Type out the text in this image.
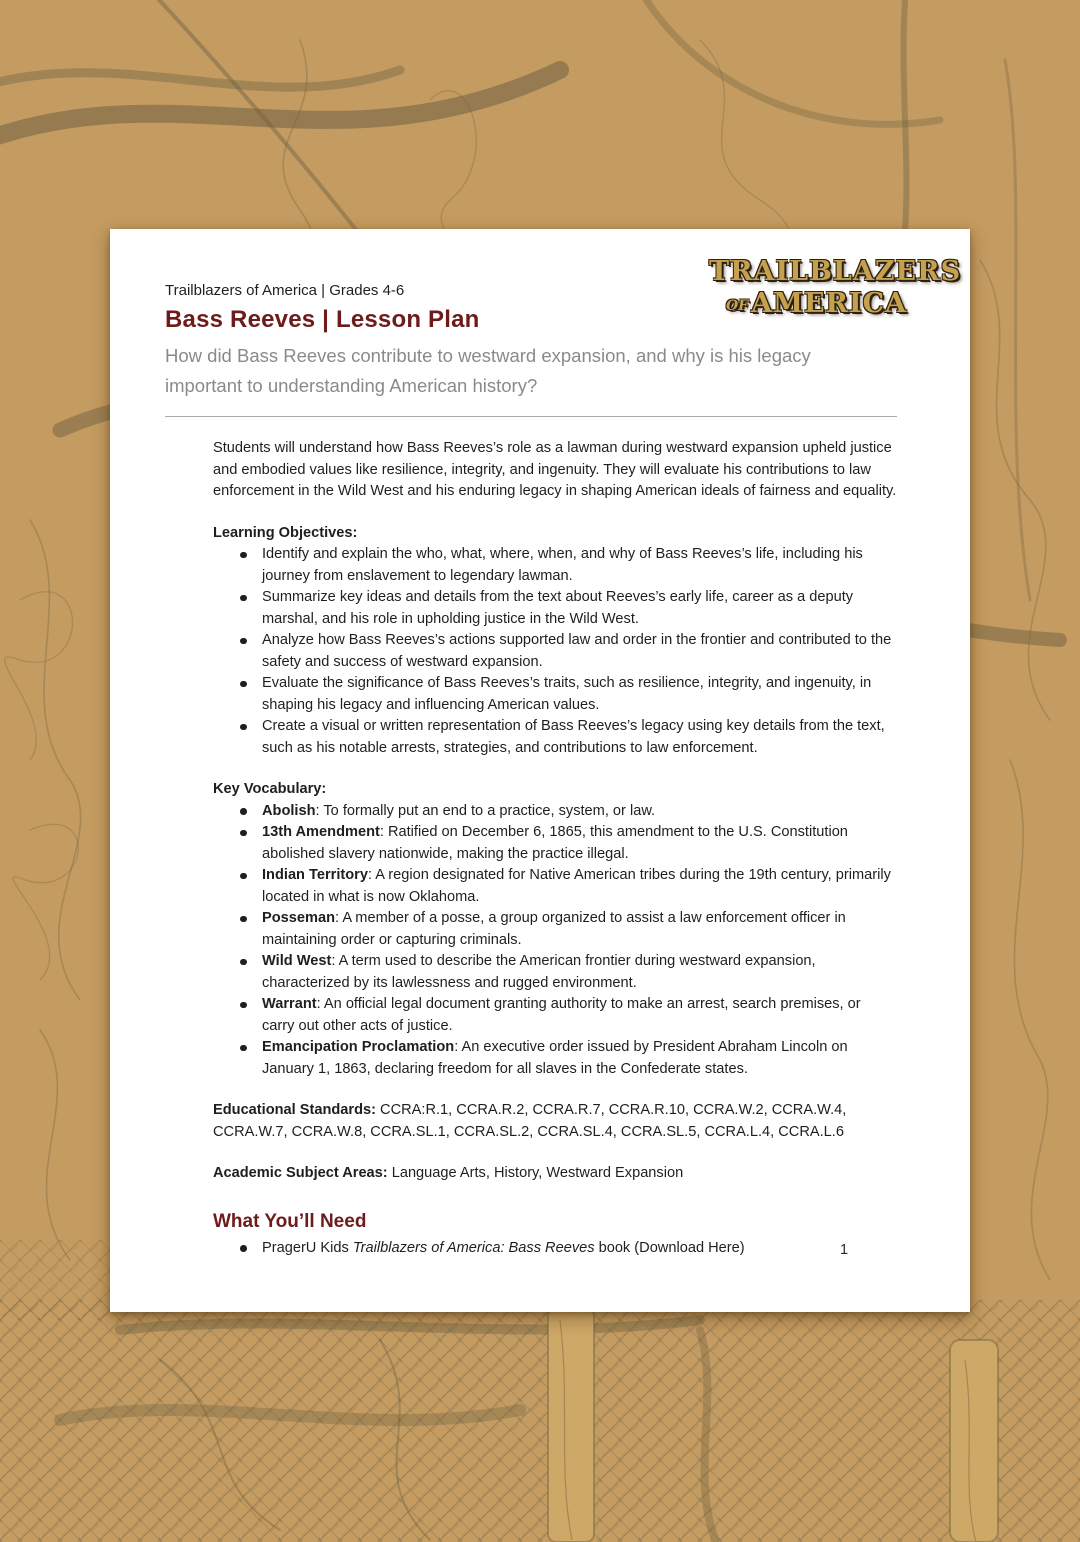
Trailblazers of America | Grades 4-6
Bass Reeves | Lesson Plan

How did Bass Reeves contribute to westward expansion, and why is his legacy important to understanding American history?

TRAILBLAZERS
OF AMERICA

Students will understand how Bass Reeves’s role as a lawman during westward expansion upheld justice and embodied values like resilience, integrity, and ingenuity. They will evaluate his contributions to law enforcement in the Wild West and his enduring legacy in shaping American ideals of fairness and equality.

Learning Objectives:
Identify and explain the who, what, where, when, and why of Bass Reeves’s life, including his journey from enslavement to legendary lawman.
Summarize key ideas and details from the text about Reeves’s early life, career as a deputy marshal, and his role in upholding justice in the Wild West.
Analyze how Bass Reeves’s actions supported law and order in the frontier and contributed to the safety and success of westward expansion.
Evaluate the significance of Bass Reeves’s traits, such as resilience, integrity, and ingenuity, in shaping his legacy and influencing American values.
Create a visual or written representation of Bass Reeves’s legacy using key details from the text, such as his notable arrests, strategies, and contributions to law enforcement.
Key Vocabulary:
Abolish: To formally put an end to a practice, system, or law.
13th Amendment: Ratified on December 6, 1865, this amendment to the U.S. Constitution abolished slavery nationwide, making the practice illegal.
Indian Territory: A region designated for Native American tribes during the 19th century, primarily located in what is now Oklahoma.
Posseman: A member of a posse, a group organized to assist a law enforcement officer in maintaining order or capturing criminals.
Wild West: A term used to describe the American frontier during westward expansion, characterized by its lawlessness and rugged environment.
Warrant: An official legal document granting authority to make an arrest, search premises, or carry out other acts of justice.
Emancipation Proclamation: An executive order issued by President Abraham Lincoln on January 1, 1863, declaring freedom for all slaves in the Confederate states.

Educational Standards: CCRA:R.1, CCRA.R.2, CCRA.R.7, CCRA.R.10, CCRA.W.2, CCRA.W.4, CCRA.W.7, CCRA.W.8, CCRA.SL.1, CCRA.SL.2, CCRA.SL.4, CCRA.SL.5, CCRA.L.4, CCRA.L.6

Academic Subject Areas: Language Arts, History, Westward Expansion

What You’ll Need
PragerU Kids Trailblazers of America: Bass Reeves book (Download Here)	1
